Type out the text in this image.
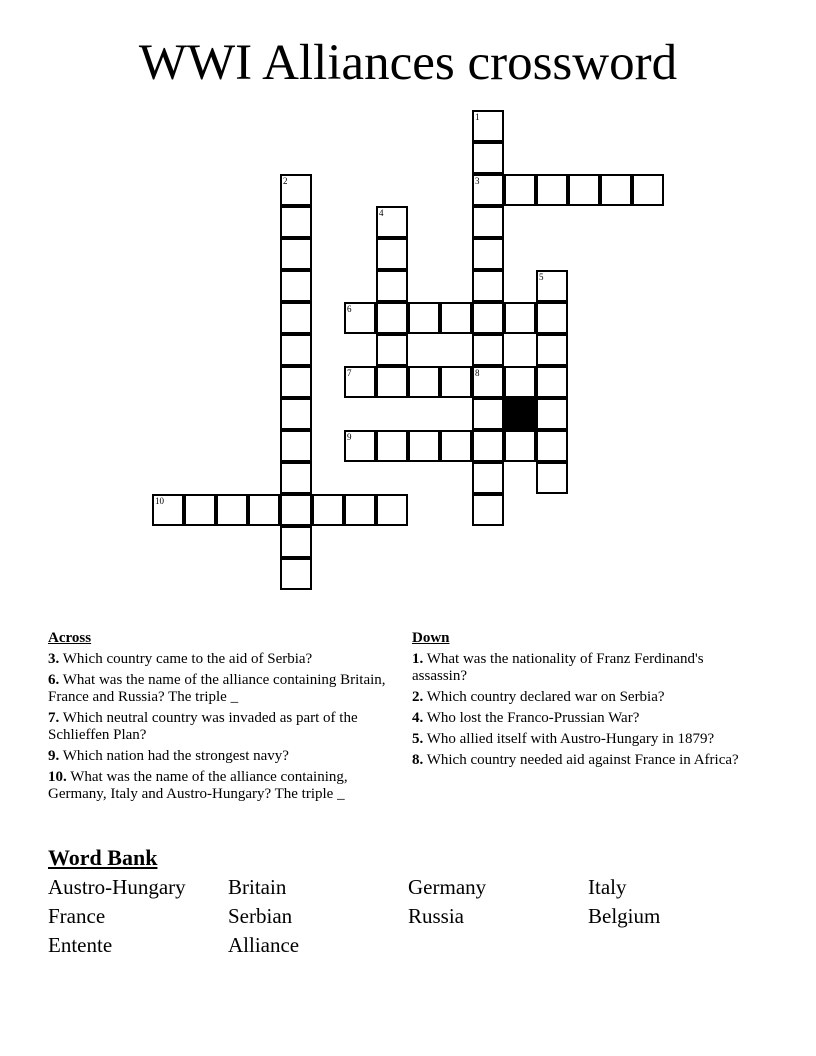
WWI Alliances crossword
3
6
7	8
9
10
1
2
4
5
Across
3. Which country came to the aid of Serbia?
6. What was the name of the alliance containing Britain, France and Russia? The triple _
7. Which neutral country was invaded as part of the Schlieffen Plan?
9. Which nation had the strongest navy?
10. What was the name of the alliance containing, Germany, Italy and Austro-Hungary? The triple _
Down
1. What was the nationality of Franz Ferdinand's assassin?
2. Which country declared war on Serbia?
4. Who lost the Franco-Prussian War?
5. Who allied itself with Austro-Hungary in 1879?
8. Which country needed aid against France in Africa?
Word Bank
Austro-Hungary	Britain	Germany	Italy
France	Serbian	Russia	Belgium
Entente	Alliance
